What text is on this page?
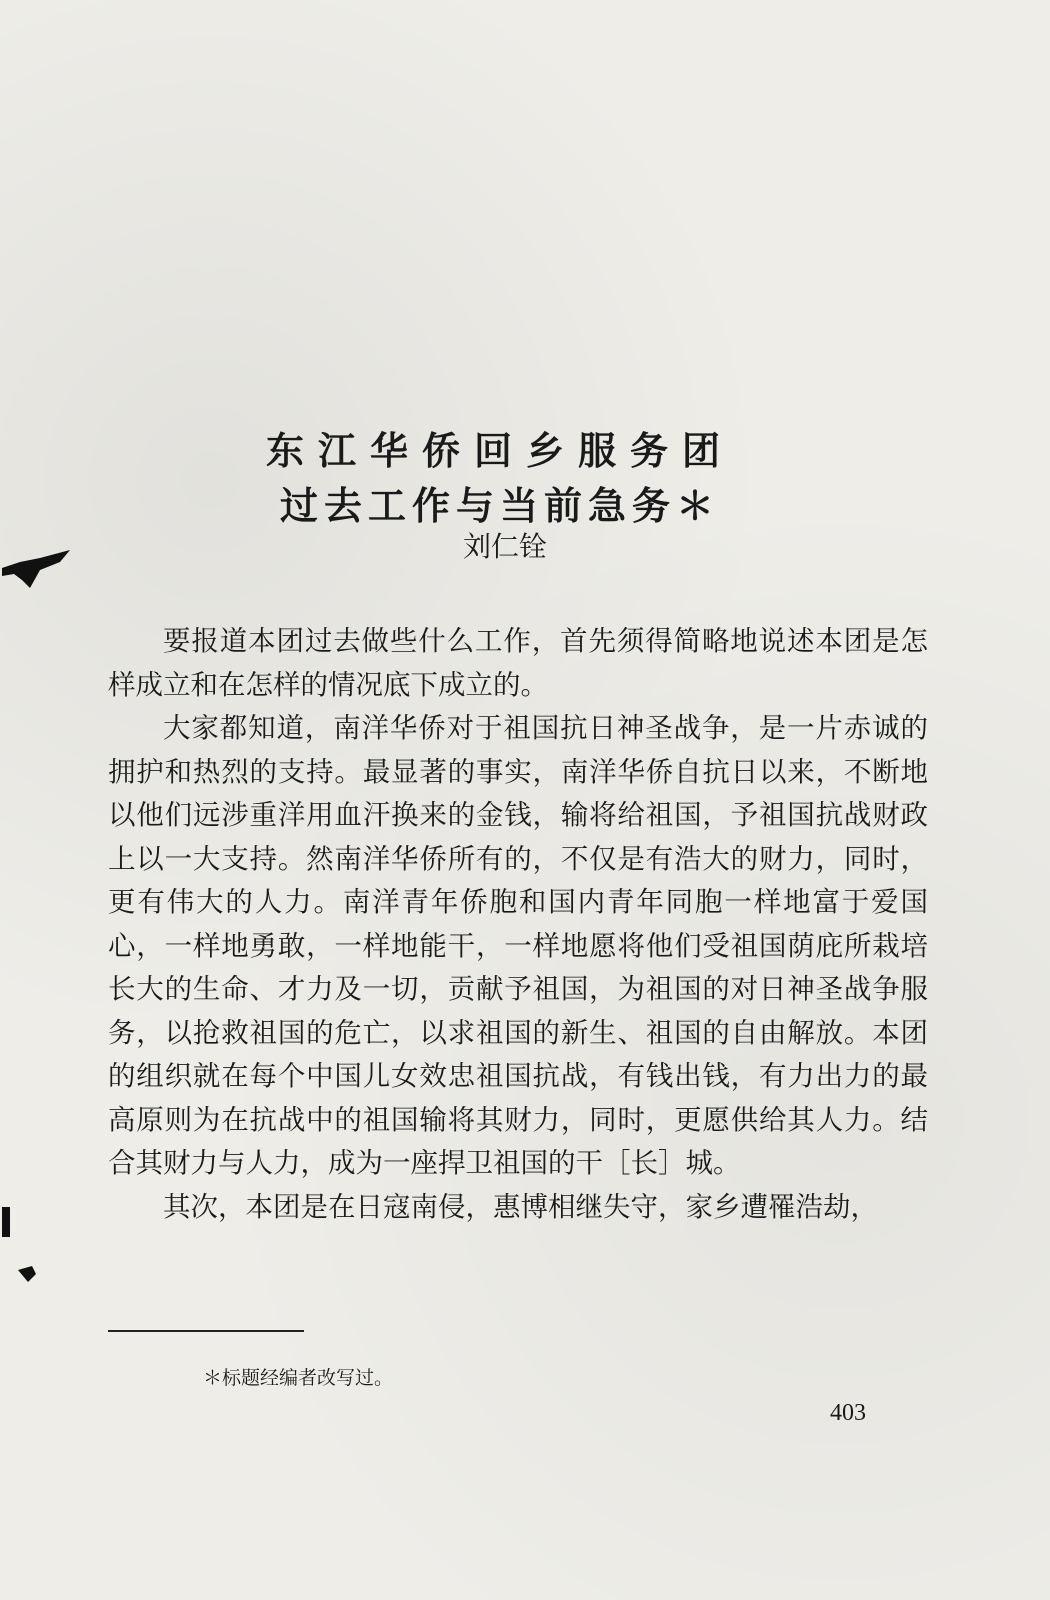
东江华侨回乡服务团
过去工作与当前急务＊
刘仁铨

要报道本团过去做些什么工作，首先须得简略地说述本团是怎样成立和在怎样的情况底下成立的。

大家都知道，南洋华侨对于祖国抗日神圣战争，是一片赤诚的拥护和热烈的支持。最显著的事实，南洋华侨自抗日以来，不断地以他们远涉重洋用血汗换来的金钱，输将给祖国，予祖国抗战财政上以一大支持。然南洋华侨所有的，不仅是有浩大的财力，同时，更有伟大的人力。南洋青年侨胞和国内青年同胞一样地富于爱国心，一样地勇敢，一样地能干，一样地愿将他们受祖国荫庇所栽培长大的生命、才力及一切，贡献予祖国，为祖国的对日神圣战争服务，以抢救祖国的危亡，以求祖国的新生、祖国的自由解放。本团的组织就在每个中国儿女效忠祖国抗战，有钱出钱，有力出力的最高原则为在抗战中的祖国输将其财力，同时，更愿供给其人力。结合其财力与人力，成为一座捍卫祖国的干［长］城。

其次，本团是在日寇南侵，惠博相继失守，家乡遭罹浩劫，

＊标题经编者改写过。
403
